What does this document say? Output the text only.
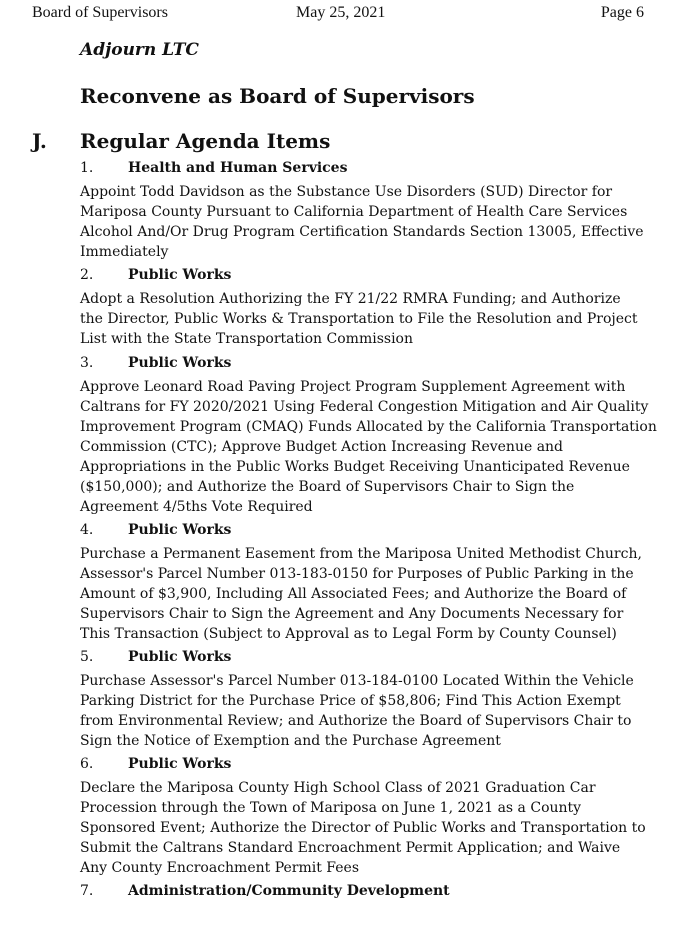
Board of Supervisors	May 25, 2021	Page 6
Adjourn LTC
Reconvene as Board of Supervisors
J. Regular Agenda Items
1. Health and Human Services
Appoint Todd Davidson as the Substance Use Disorders (SUD) Director for
Mariposa County Pursuant to California Department of Health Care Services
Alcohol And/Or Drug Program Certification Standards Section 13005, Effective
Immediately
2. Public Works
Adopt a Resolution Authorizing the FY 21/22 RMRA Funding; and Authorize
the Director, Public Works & Transportation to File the Resolution and Project
List with the State Transportation Commission
3. Public Works
Approve Leonard Road Paving Project Program Supplement Agreement with
Caltrans for FY 2020/2021 Using Federal Congestion Mitigation and Air Quality
Improvement Program (CMAQ) Funds Allocated by the California Transportation
Commission (CTC); Approve Budget Action Increasing Revenue and
Appropriations in the Public Works Budget Receiving Unanticipated Revenue
($150,000); and Authorize the Board of Supervisors Chair to Sign the
Agreement 4/5ths Vote Required
4. Public Works
Purchase a Permanent Easement from the Mariposa United Methodist Church,
Assessor's Parcel Number 013-183-0150 for Purposes of Public Parking in the
Amount of $3,900, Including All Associated Fees; and Authorize the Board of
Supervisors Chair to Sign the Agreement and Any Documents Necessary for
This Transaction (Subject to Approval as to Legal Form by County Counsel)
5. Public Works
Purchase Assessor's Parcel Number 013-184-0100 Located Within the Vehicle
Parking District for the Purchase Price of $58,806; Find This Action Exempt
from Environmental Review; and Authorize the Board of Supervisors Chair to
Sign the Notice of Exemption and the Purchase Agreement
6. Public Works
Declare the Mariposa County High School Class of 2021 Graduation Car
Procession through the Town of Mariposa on June 1, 2021 as a County
Sponsored Event; Authorize the Director of Public Works and Transportation to
Submit the Caltrans Standard Encroachment Permit Application; and Waive
Any County Encroachment Permit Fees
7. Administration/Community Development
